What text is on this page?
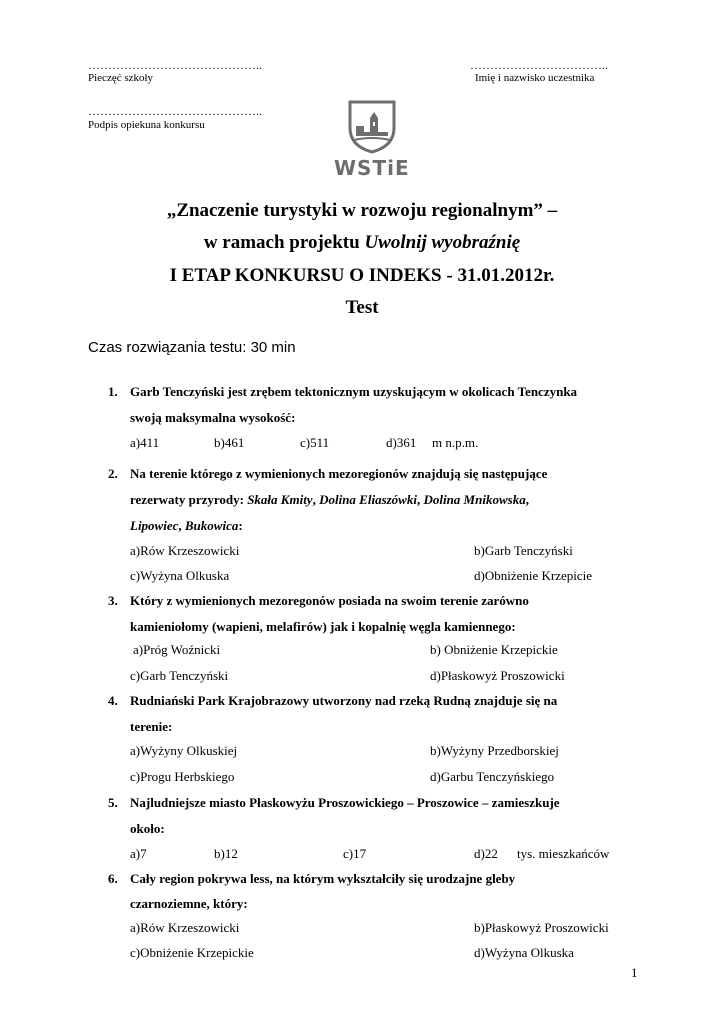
……………………………………..
Pieczęć szkoły
……………………………..
Imię i nazwisko uczestnika
……………………………………..
Podpis opiekuna konkursu
WSTiE
„Znaczenie turystyki w rozwoju regionalnym” –
w ramach projektu Uwolnij wyobraźnię
I ETAP KONKURSU O INDEKS - 31.01.2012r.
Test
Czas rozwiązania testu: 30 min
1. Garb Tenczyński jest zrębem tektonicznym uzyskującym w okolicach Tenczynka
swoją maksymalna wysokość:
a)411	b)461	c)511	d)361 m n.p.m.
2. Na terenie którego z wymienionych mezoregionów znajdują się następujące
rezerwaty przyrody: Skała Kmity, Dolina Eliaszówki, Dolina Mnikowska,
Lipowiec, Bukowica:
a)Rów Krzeszowicki	b)Garb Tenczyński
c)Wyżyna Olkuska	d)Obniżenie Krzepicie
3. Który z wymienionych mezoregonów posiada na swoim terenie zarówno
kamieniołomy (wapieni, melafirów) jak i kopalnię węgla kamiennego:
a)Próg Woźnicki	b) Obniżenie Krzepickie
c)Garb Tenczyński	d)Płaskowyż Proszowicki
4. Rudniański Park Krajobrazowy utworzony nad rzeką Rudną znajduje się na
terenie:
a)Wyżyny Olkuskiej	b)Wyżyny Przedborskiej
c)Progu Herbskiego	d)Garbu Tenczyńskiego
5. Najludniejsze miasto Płaskowyżu Proszowickiego – Proszowice – zamieszkuje
około:
a)7	b)12	c)17	d)22 tys. mieszkańców
6. Cały region pokrywa less, na którym wykształciły się urodzajne gleby
czarnoziemne, który:
a)Rów Krzeszowicki	b)Płaskowyż Proszowicki
c)Obniżenie Krzepickie	d)Wyżyna Olkuska
1
